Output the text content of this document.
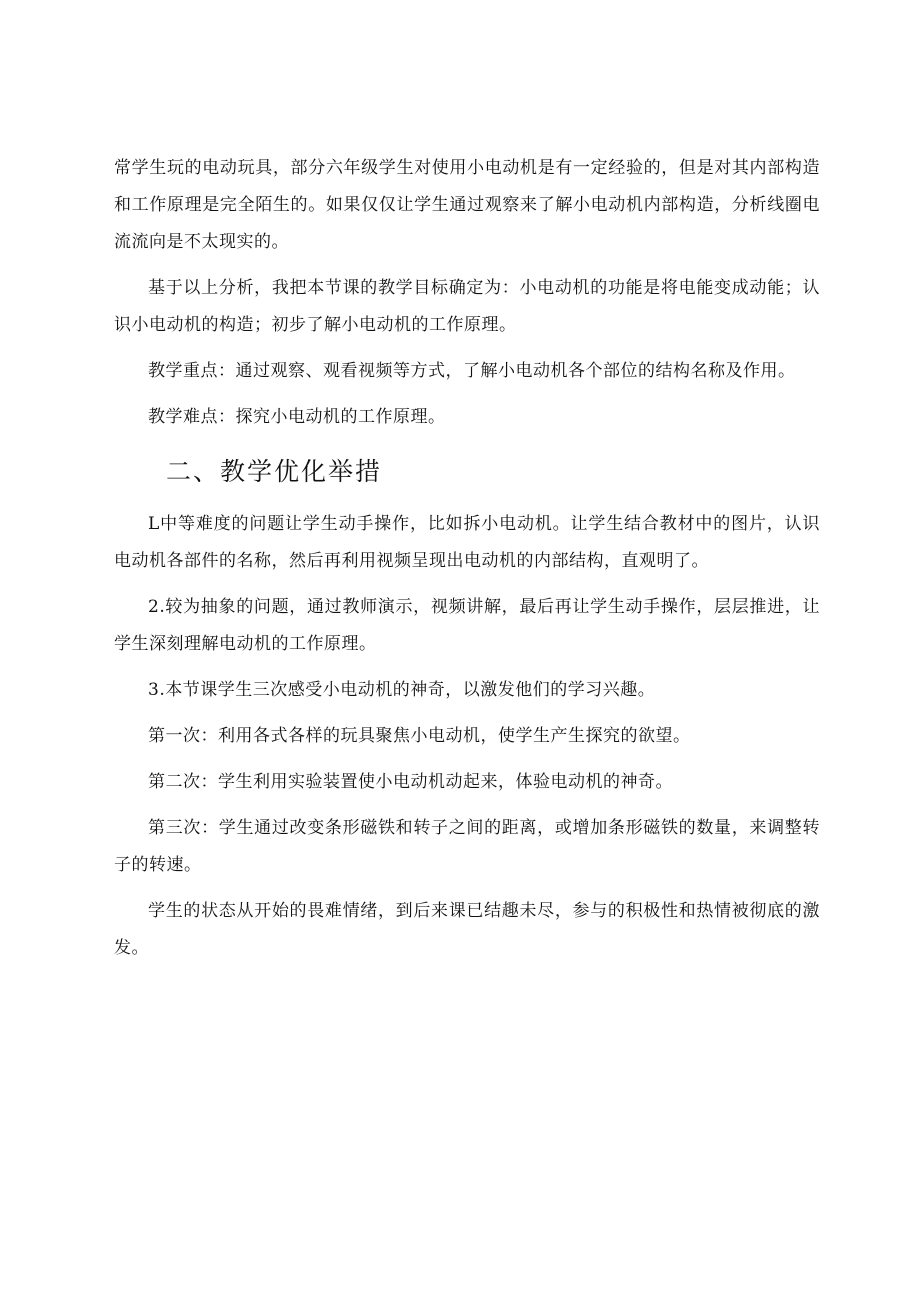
常学生玩的电动玩具，部分六年级学生对使用小电动机是有一定经验的，但是对其内部构造和工作原理是完全陌生的。如果仅仅让学生通过观察来了解小电动机内部构造，分析线圈电流流向是不太现实的。

基于以上分析，我把本节课的教学目标确定为：小电动机的功能是将电能变成动能；认识小电动机的构造；初步了解小电动机的工作原理。

教学重点：通过观察、观看视频等方式，了解小电动机各个部位的结构名称及作用。

教学难点：探究小电动机的工作原理。

二、教学优化举措

L中等难度的问题让学生动手操作，比如拆小电动机。让学生结合教材中的图片，认识电动机各部件的名称，然后再利用视频呈现出电动机的内部结构，直观明了。

2.较为抽象的问题，通过教师演示，视频讲解，最后再让学生动手操作，层层推进，让学生深刻理解电动机的工作原理。

3.本节课学生三次感受小电动机的神奇，以激发他们的学习兴趣。

第一次：利用各式各样的玩具聚焦小电动机，使学生产生探究的欲望。

第二次：学生利用实验装置使小电动机动起来，体验电动机的神奇。

第三次：学生通过改变条形磁铁和转子之间的距离，或增加条形磁铁的数量，来调整转子的转速。

学生的状态从开始的畏难情绪，到后来课已结趣未尽，参与的积极性和热情被彻底的激发。
